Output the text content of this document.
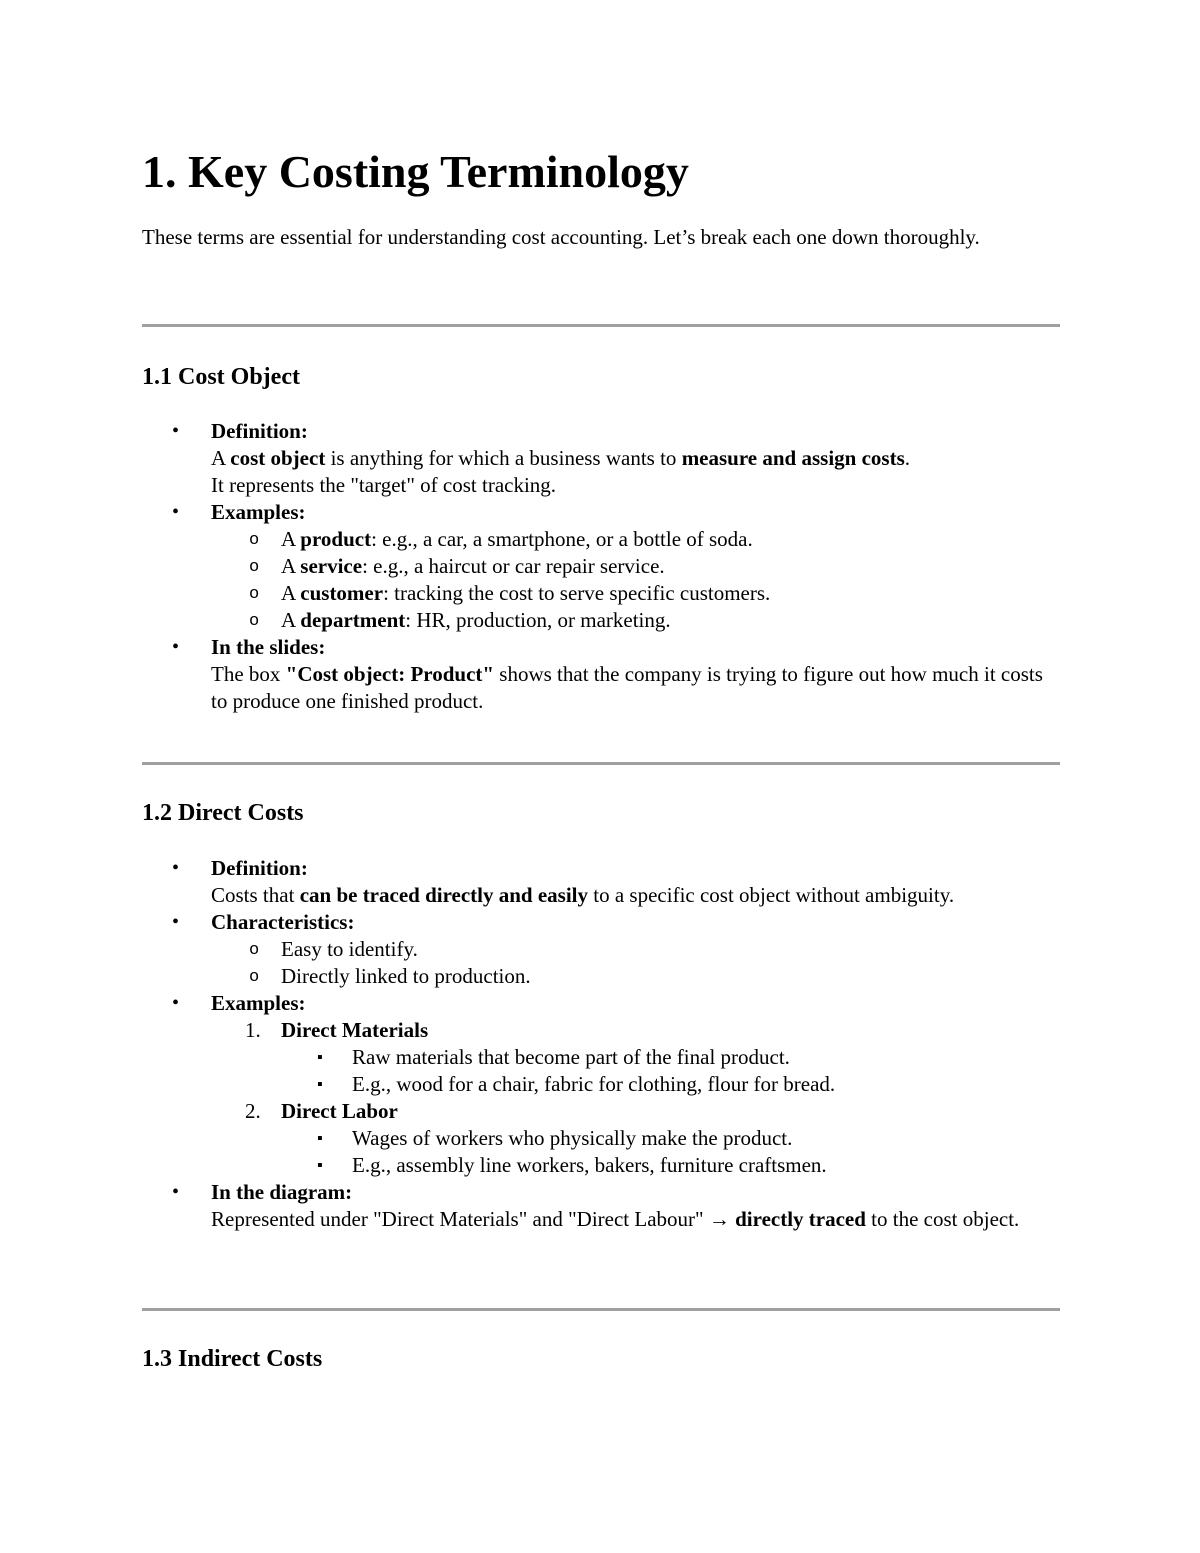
1. Key Costing Terminology

These terms are essential for understanding cost accounting. Let’s break each one down thoroughly.

1.1 Cost Object
• Definition:
A cost object is anything for which a business wants to measure and assign costs.
It represents the "target" of cost tracking.
• Examples:
o A product: e.g., a car, a smartphone, or a bottle of soda.
o A service: e.g., a haircut or car repair service.
o A customer: tracking the cost to serve specific customers.
o A department: HR, production, or marketing.
• In the slides:
The box "Cost object: Product" shows that the company is trying to figure out how much it costs to produce one finished product.
1.2 Direct Costs
• Definition:
Costs that can be traced directly and easily to a specific cost object without ambiguity.
• Characteristics:
o Easy to identify.
o Directly linked to production.
• Examples:
1. Direct Materials
▪ Raw materials that become part of the final product.
▪ E.g., wood for a chair, fabric for clothing, flour for bread.
2. Direct Labor
▪ Wages of workers who physically make the product.
▪ E.g., assembly line workers, bakers, furniture craftsmen.
• In the diagram:
Represented under "Direct Materials" and "Direct Labour" → directly traced to the cost object.
1.3 Indirect Costs
